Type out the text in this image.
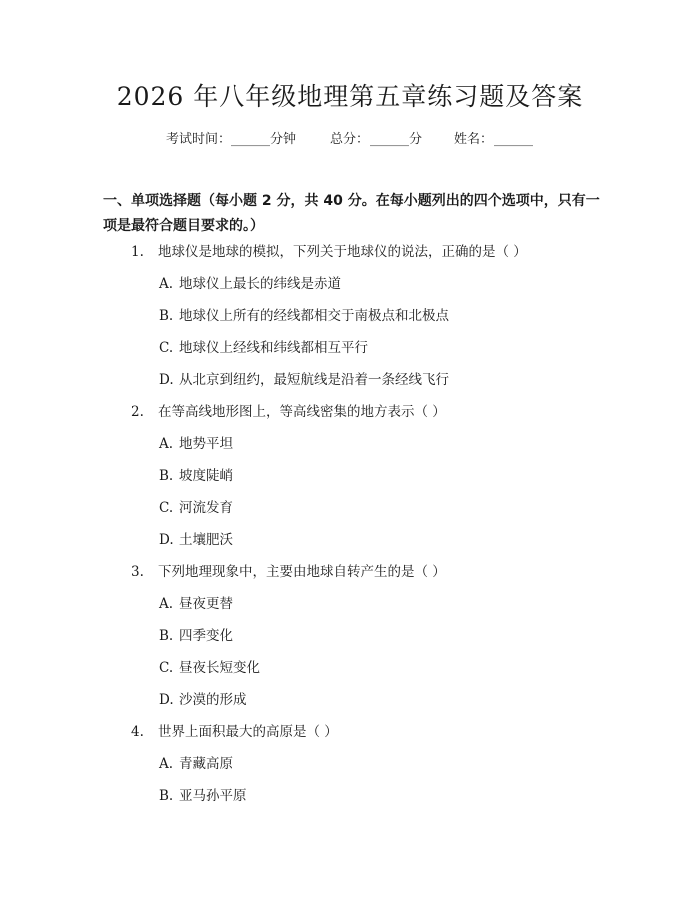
2026 年八年级地理第五章练习题及答案
考试时间： ______分钟	总分： ______分 姓名： ______
一、单项选择题（每小题 2 分，共 40 分。在每小题列出的四个选项中，只有一项是最符合题目要求的。）
1. 地球仪是地球的模拟，下列关于地球仪的说法，正确的是（ ）
A. 地球仪上最长的纬线是赤道
B. 地球仪上所有的经线都相交于南极点和北极点
C. 地球仪上经线和纬线都相互平行
D. 从北京到纽约，最短航线是沿着一条经线飞行
2. 在等高线地形图上，等高线密集的地方表示（ ）
A. 地势平坦
B. 坡度陡峭
C. 河流发育
D. 土壤肥沃
3. 下列地理现象中，主要由地球自转产生的是（ ）
A. 昼夜更替
B. 四季变化
C. 昼夜长短变化
D. 沙漠的形成
4. 世界上面积最大的高原是（ ）
A. 青藏高原
B. 亚马孙平原
